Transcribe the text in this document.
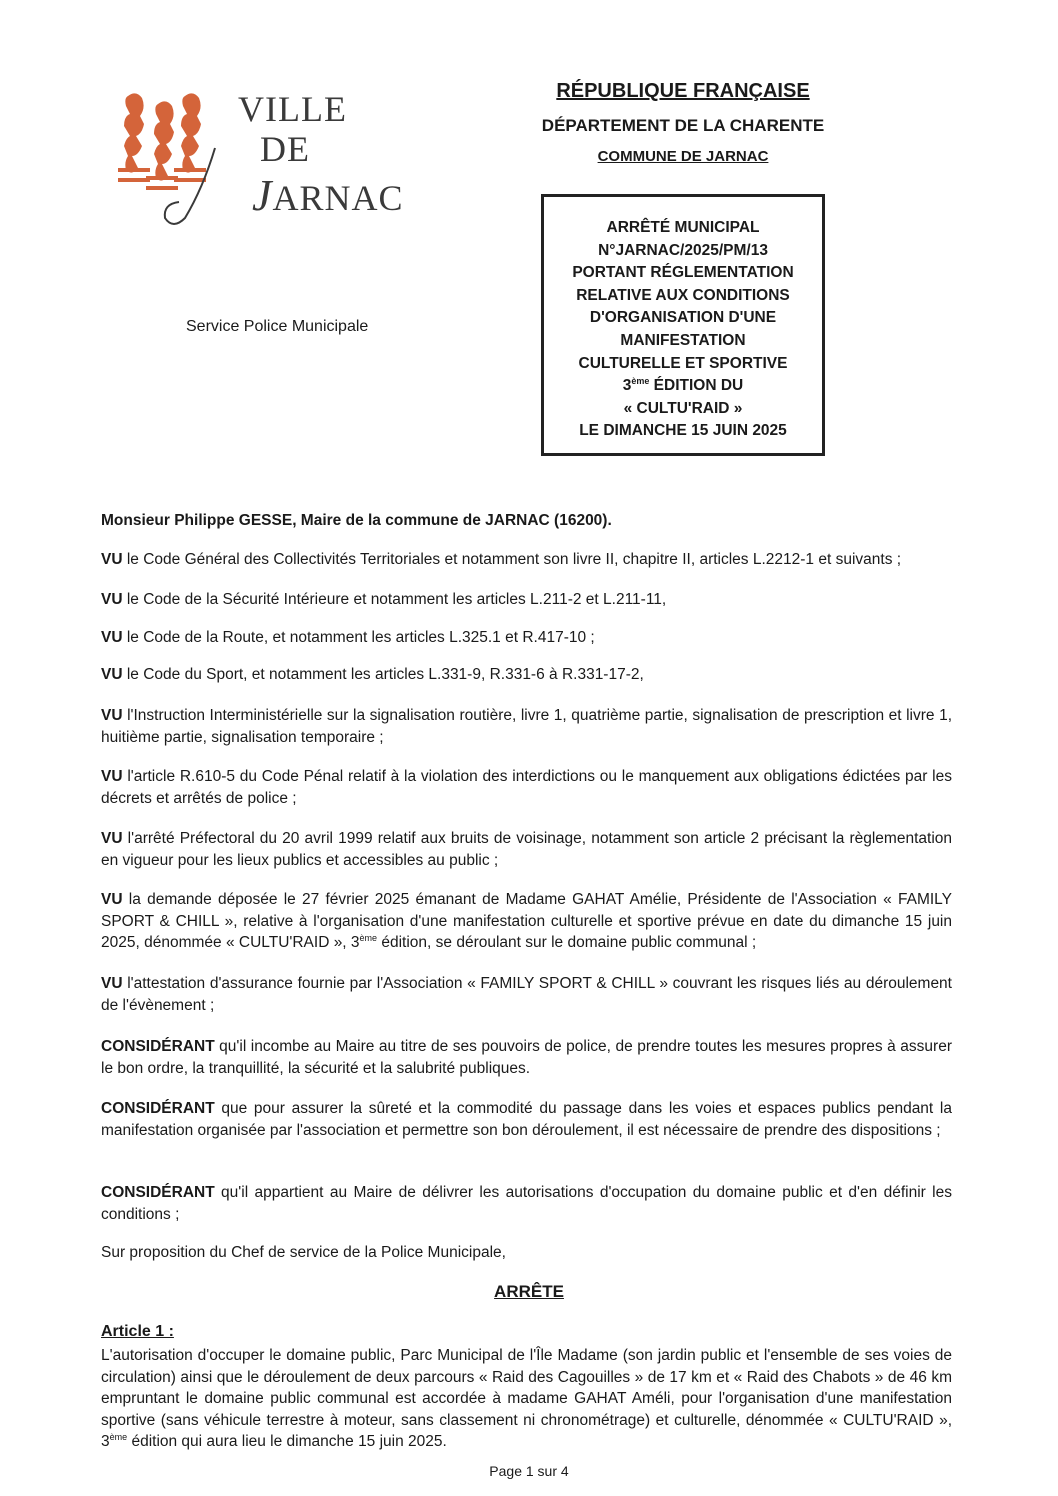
VILLE
DE
JARNAC
Service Police Municipale
RÉPUBLIQUE FRANÇAISE
DÉPARTEMENT DE LA CHARENTE
COMMUNE DE JARNAC
ARRÊTÉ MUNICIPAL
N°JARNAC/2025/PM/13
PORTANT RÉGLEMENTATION
RELATIVE AUX CONDITIONS
D'ORGANISATION D'UNE
MANIFESTATION
CULTURELLE ET SPORTIVE
3ème ÉDITION DU
« CULTU'RAID »
LE DIMANCHE 15 JUIN 2025
Monsieur Philippe GESSE, Maire de la commune de JARNAC (16200).
VU le Code Général des Collectivités Territoriales et notamment son livre II, chapitre II, articles L.2212-1 et suivants ;
VU le Code de la Sécurité Intérieure et notamment les articles L.211-2 et L.211-11,
VU le Code de la Route, et notamment les articles L.325.1 et R.417-10 ;
VU le Code du Sport, et notamment les articles L.331-9, R.331-6 à R.331-17-2,
VU l'Instruction Interministérielle sur la signalisation routière, livre 1, quatrième partie, signalisation de prescription et livre 1, huitième partie, signalisation temporaire ;
VU l'article R.610-5 du Code Pénal relatif à la violation des interdictions ou le manquement aux obligations édictées par les décrets et arrêtés de police ;
VU l'arrêté Préfectoral du 20 avril 1999 relatif aux bruits de voisinage, notamment son article 2 précisant la règlementation en vigueur pour les lieux publics et accessibles au public ;
VU la demande déposée le 27 février 2025 émanant de Madame GAHAT Amélie, Présidente de l'Association « FAMILY SPORT & CHILL », relative à l'organisation d'une manifestation culturelle et sportive prévue en date du dimanche 15 juin 2025, dénommée « CULTU'RAID », 3ème édition, se déroulant sur le domaine public communal ;
VU l'attestation d'assurance fournie par l'Association « FAMILY SPORT & CHILL » couvrant les risques liés au déroulement de l'évènement ;
CONSIDÉRANT qu'il incombe au Maire au titre de ses pouvoirs de police, de prendre toutes les mesures propres à assurer le bon ordre, la tranquillité, la sécurité et la salubrité publiques.
CONSIDÉRANT que pour assurer la sûreté et la commodité du passage dans les voies et espaces publics pendant la manifestation organisée par l'association et permettre son bon déroulement, il est nécessaire de prendre des dispositions ;
CONSIDÉRANT qu'il appartient au Maire de délivrer les autorisations d'occupation du domaine public et d'en définir les conditions ;
Sur proposition du Chef de service de la Police Municipale,
ARRÊTE
Article 1 :
L'autorisation d'occuper le domaine public, Parc Municipal de l'Île Madame (son jardin public et l'ensemble de ses voies de circulation) ainsi que le déroulement de deux parcours « Raid des Cagouilles » de 17 km et « Raid des Chabots » de 46 km empruntant le domaine public communal est accordée à madame GAHAT Améli, pour l'organisation d'une manifestation sportive (sans véhicule terrestre à moteur, sans classement ni chronométrage) et culturelle, dénommée « CULTU'RAID », 3ème édition qui aura lieu le dimanche 15 juin 2025.
Page 1 sur 4
